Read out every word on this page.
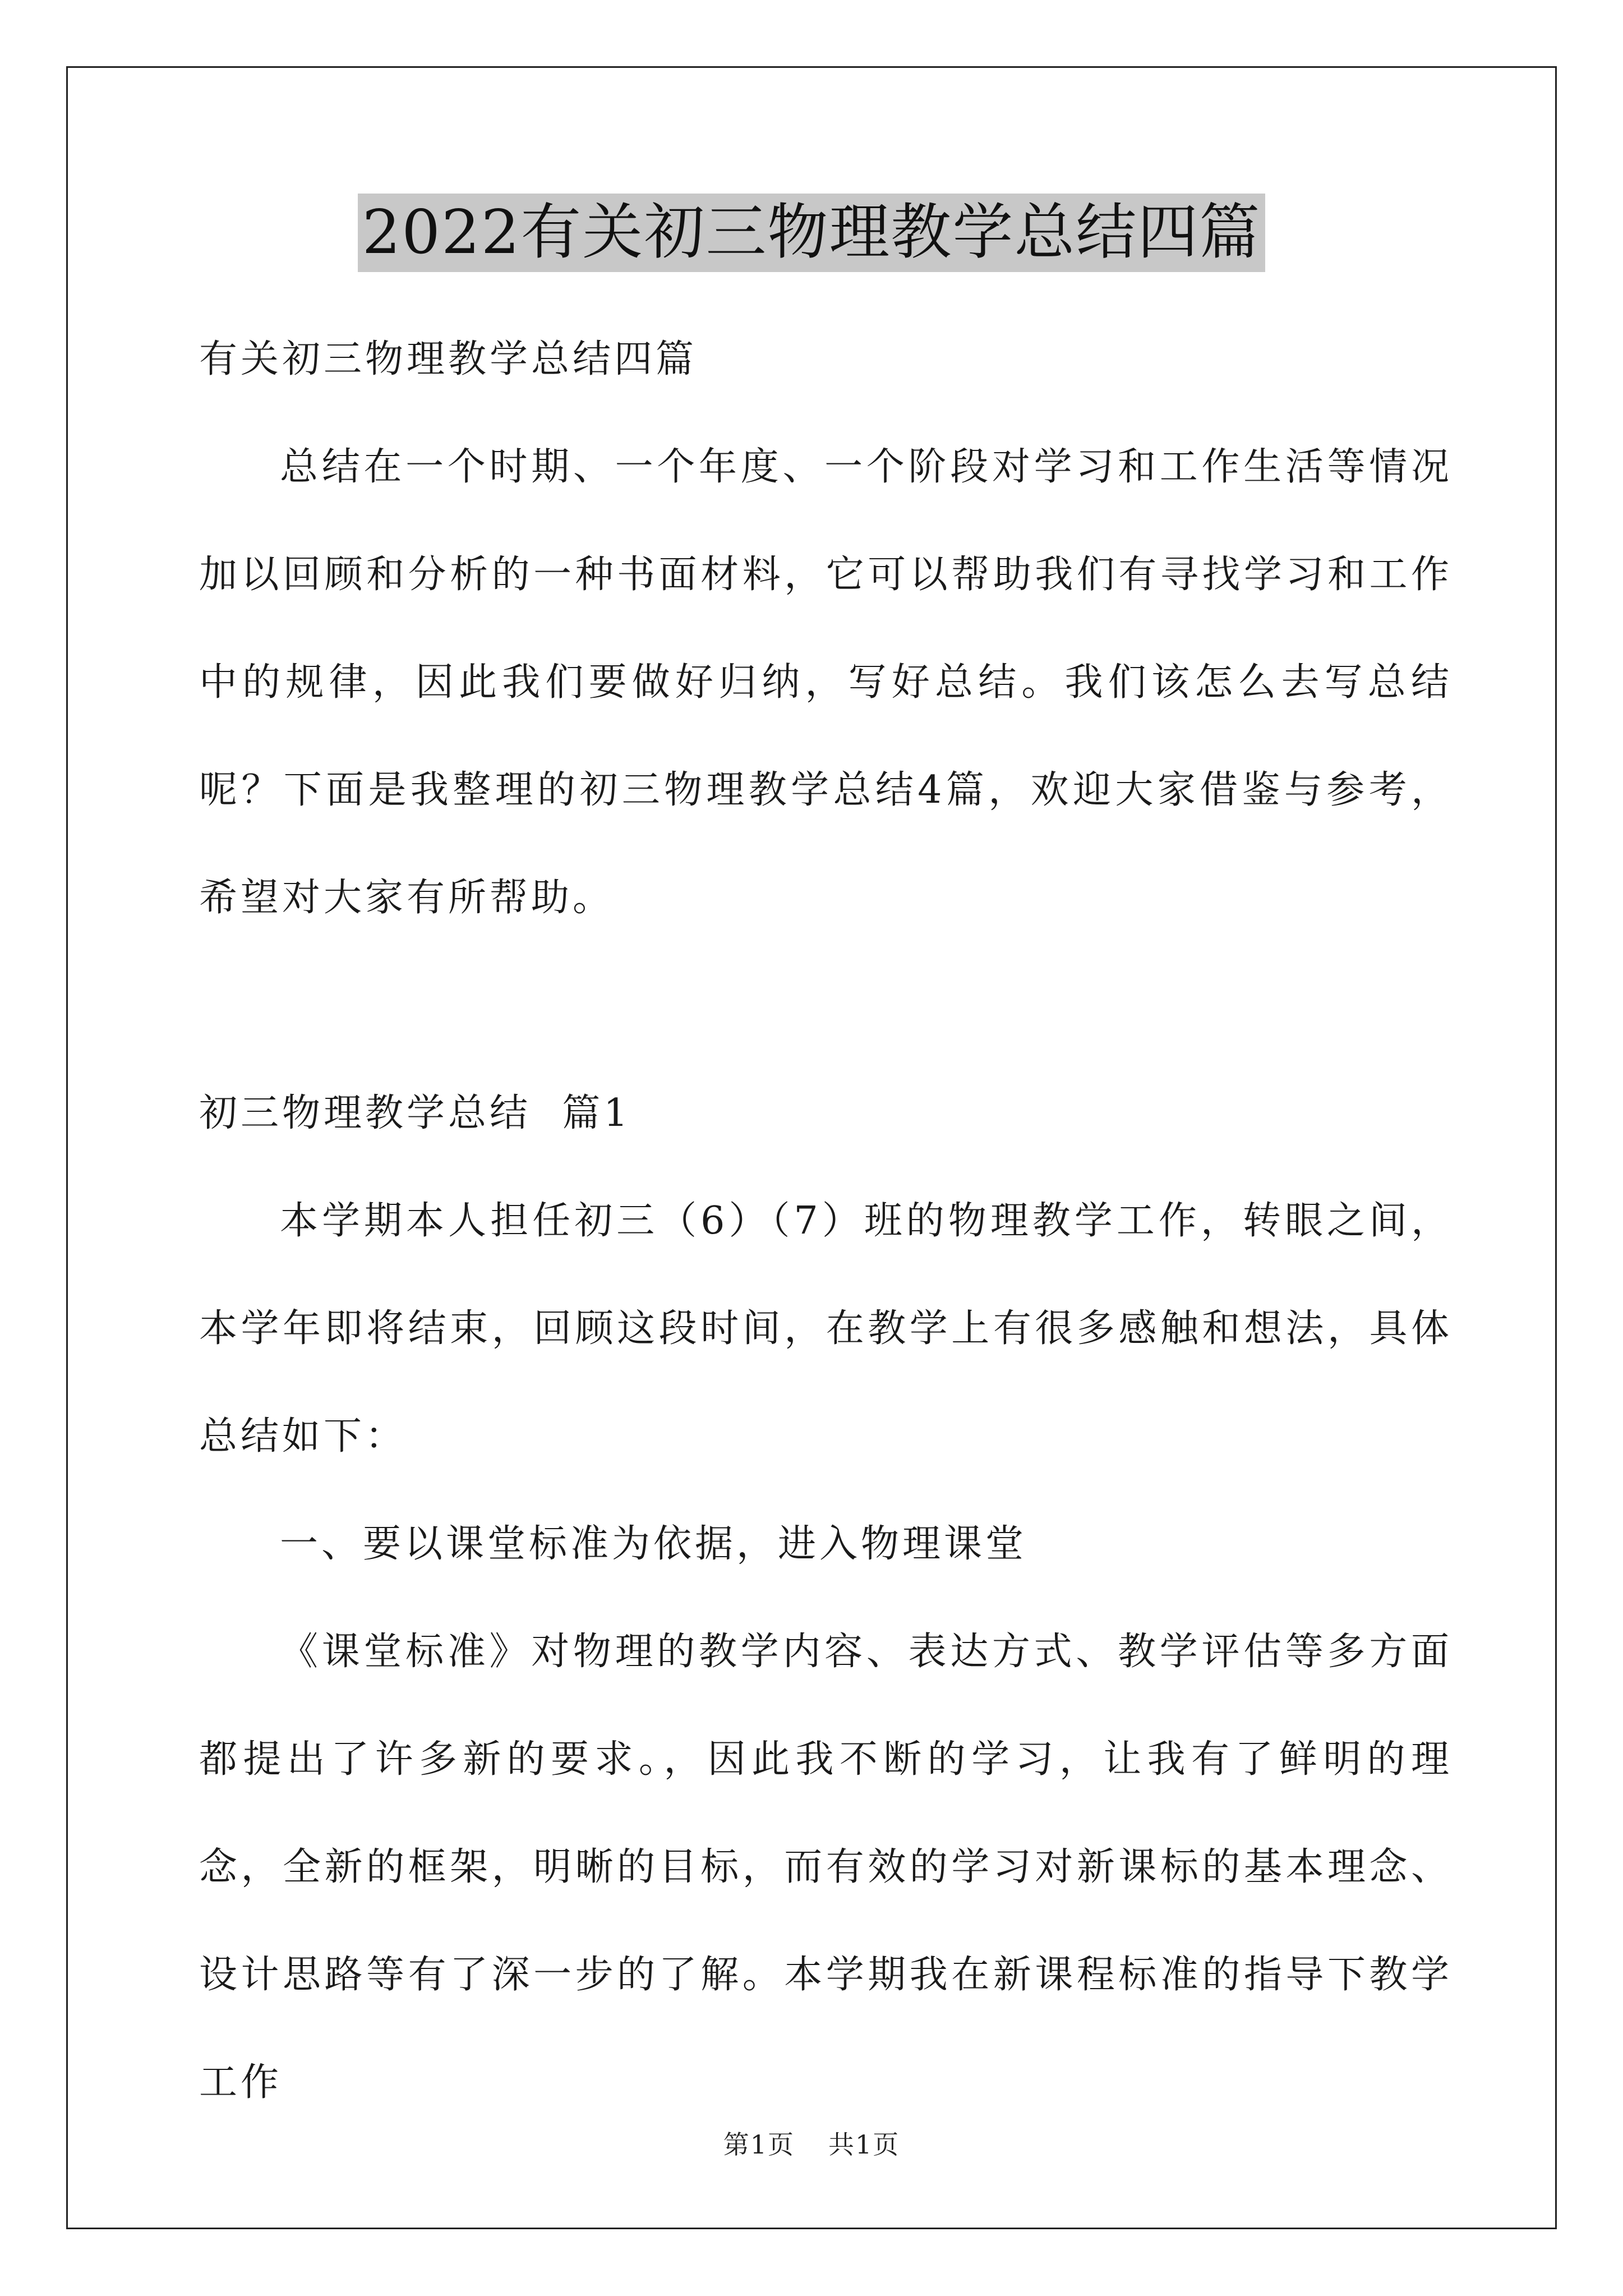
2022有关初三物理教学总结四篇

有关初三物理教学总结四篇

总结在一个时期、一个年度、一个阶段对学习和工作生活等情况加以回顾和分析的一种书面材料，它可以帮助我们有寻找学习和工作中的规律，因此我们要做好归纳，写好总结。我们该怎么去写总结呢？下面是我整理的初三物理教学总结4篇，欢迎大家借鉴与参考，希望对大家有所帮助。

初三物理教学总结  篇1

本学期本人担任初三（6）（7）班的物理教学工作，转眼之间，本学年即将结束，回顾这段时间，在教学上有很多感触和想法，具体总结如下：

一、要以课堂标准为依据，进入物理课堂

《课堂标准》对物理的教学内容、表达方式、教学评估等多方面都提出了许多新的要求。，因此我不断的学习，让我有了鲜明的理念，全新的框架，明晰的目标，而有效的学习对新课标的基本理念、设计思路等有了深一步的了解。本学期我在新课程标准的指导下教学工作

第1页 共1页
